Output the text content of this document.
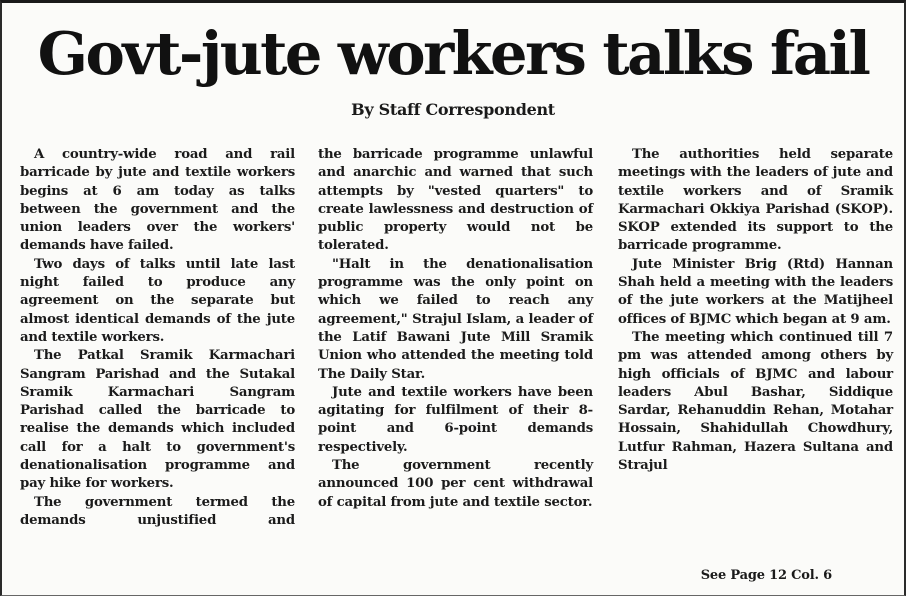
Govt-jute workers talks fail
By Staff Correspondent

A country-wide road and rail barricade by jute and textile workers begins at 6 am today as talks between the government and the union leaders over the workers' demands have failed.

Two days of talks until late last night failed to produce any agreement on the separate but almost identical demands of the jute and textile workers.

The Patkal Sramik Karmachari Sangram Parishad and the Sutakal Sramik Karmachari Sangram Parishad called the barricade to realise the demands which included call for a halt to government's denationalisation programme and pay hike for workers.

The government termed the demands unjustified and

the barricade programme unlawful and anarchic and warned that such attempts by "vested quarters" to create lawlessness and destruction of public property would not be tolerated.

"Halt in the denationalisation programme was the only point on which we failed to reach any agreement," Strajul Islam, a leader of the Latif Bawani Jute Mill Sramik Union who attended the meeting told The Daily Star.

Jute and textile workers have been agitating for fulfilment of their 8-point and 6-point demands respectively.

The government recently announced 100 per cent withdrawal of capital from jute and textile sector.

The authorities held separate meetings with the leaders of jute and textile workers and of Sramik Karmachari Okkiya Parishad (SKOP). SKOP extended its support to the barricade programme.

Jute Minister Brig (Rtd) Hannan Shah held a meeting with the leaders of the jute workers at the Matijheel offices of BJMC which began at 9 am.

The meeting which continued till 7 pm was attended among others by high officials of BJMC and labour leaders Abul Bashar, Siddique Sardar, Rehanuddin Rehan, Motahar Hossain, Shahidullah Chowdhury, Lutfur Rahman, Hazera Sultana and Strajul

See Page 12 Col. 6
